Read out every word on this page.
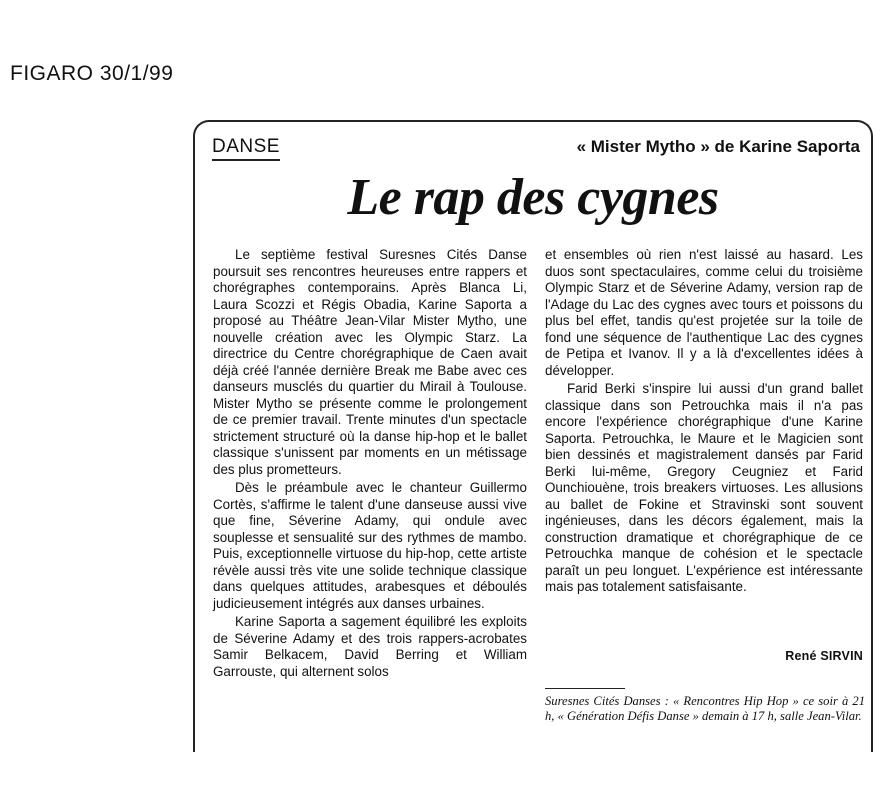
FIGARO 30/1/99
DANSE	« Mister Mytho » de Karine Saporta
Le rap des cygnes

Le septième festival Suresnes Cités Danse poursuit ses rencontres heureuses entre rappers et chorégraphes contemporains. Après Blanca Li, Laura Scozzi et Régis Obadia, Karine Saporta a proposé au Théâtre Jean-Vilar Mister Mytho, une nouvelle création avec les Olympic Starz. La directrice du Centre chorégraphique de Caen avait déjà créé l'année dernière Break me Babe avec ces danseurs musclés du quartier du Mirail à Toulouse. Mister Mytho se présente comme le prolongement de ce premier travail. Trente minutes d'un spectacle strictement structuré où la danse hip-hop et le ballet classique s'unissent par moments en un métissage des plus prometteurs.

Dès le préambule avec le chanteur Guillermo Cortès, s'affirme le talent d'une danseuse aussi vive que fine, Séverine Adamy, qui ondule avec souplesse et sensualité sur des rythmes de mambo. Puis, exceptionnelle virtuose du hip-hop, cette artiste révèle aussi très vite une solide technique classique dans quelques attitudes, arabesques et déboulés judicieusement intégrés aux danses urbaines.

Karine Saporta a sagement équilibré les exploits de Séverine Adamy et des trois rappers-acrobates Samir Belkacem, David Berring et William Garrouste, qui alternent solos

et ensembles où rien n'est laissé au hasard. Les duos sont spectaculaires, comme celui du troisième Olympic Starz et de Séverine Adamy, version rap de l'Adage du Lac des cygnes avec tours et poissons du plus bel effet, tandis qu'est projetée sur la toile de fond une séquence de l'authentique Lac des cygnes de Petipa et Ivanov. Il y a là d'excellentes idées à développer.

Farid Berki s'inspire lui aussi d'un grand ballet classique dans son Petrouchka mais il n'a pas encore l'expérience chorégraphique d'une Karine Saporta. Petrouchka, le Maure et le Magicien sont bien dessinés et magistralement dansés par Farid Berki lui-même, Gregory Ceugniez et Farid Ounchiouène, trois breakers virtuoses. Les allusions au ballet de Fokine et Stravinski sont souvent ingénieuses, dans les décors également, mais la construction dramatique et chorégraphique de ce Petrouchka manque de cohésion et le spectacle paraît un peu longuet. L'expérience est intéressante mais pas totalement satisfaisante.

René SIRVIN
Suresnes Cités Danses : « Rencontres Hip Hop » ce soir à 21 h, « Génération Défis Danse » demain à 17 h, salle Jean-Vilar.
